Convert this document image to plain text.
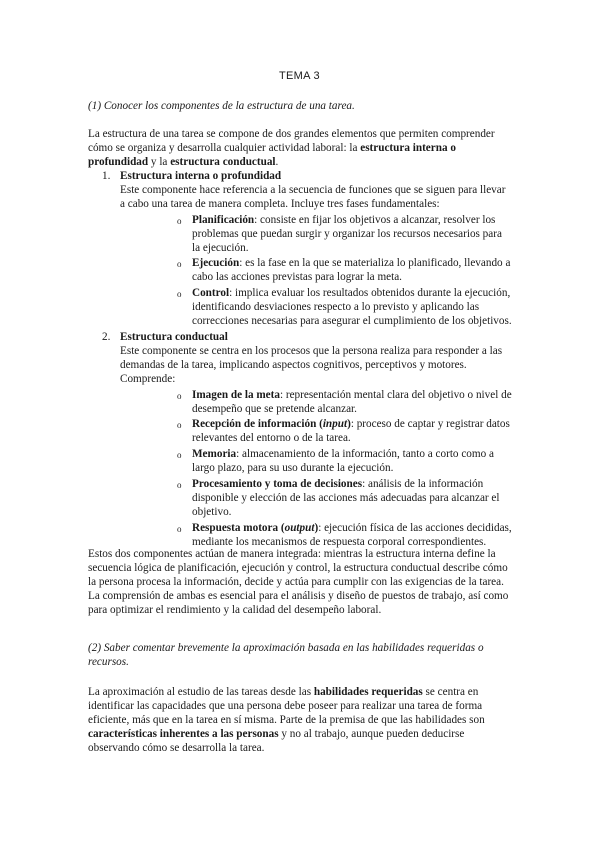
TEMA 3

(1) Conocer los componentes de la estructura de una tarea.

La estructura de una tarea se compone de dos grandes elementos que permiten comprender cómo se organiza y desarrolla cualquier actividad laboral: la estructura interna o profundidad y la estructura conductual.

1. Estructura interna o profundidad

Este componente hace referencia a la secuencia de funciones que se siguen para llevar a cabo una tarea de manera completa. Incluye tres fases fundamentales:

o Planificación: consiste en fijar los objetivos a alcanzar, resolver los problemas que puedan surgir y organizar los recursos necesarios para la ejecución.
o Ejecución: es la fase en la que se materializa lo planificado, llevando a cabo las acciones previstas para lograr la meta.
o Control: implica evaluar los resultados obtenidos durante la ejecución, identificando desviaciones respecto a lo previsto y aplicando las correcciones necesarias para asegurar el cumplimiento de los objetivos.
2. Estructura conductual

Este componente se centra en los procesos que la persona realiza para responder a las demandas de la tarea, implicando aspectos cognitivos, perceptivos y motores. Comprende:

o Imagen de la meta: representación mental clara del objetivo o nivel de desempeño que se pretende alcanzar.
o Recepción de información (input): proceso de captar y registrar datos relevantes del entorno o de la tarea.
o Memoria: almacenamiento de la información, tanto a corto como a largo plazo, para su uso durante la ejecución.
o Procesamiento y toma de decisiones: análisis de la información disponible y elección de las acciones más adecuadas para alcanzar el objetivo.
o Respuesta motora (output): ejecución física de las acciones decididas, mediante los mecanismos de respuesta corporal correspondientes.

Estos dos componentes actúan de manera integrada: mientras la estructura interna define la secuencia lógica de planificación, ejecución y control, la estructura conductual describe cómo la persona procesa la información, decide y actúa para cumplir con las exigencias de la tarea. La comprensión de ambas es esencial para el análisis y diseño de puestos de trabajo, así como para optimizar el rendimiento y la calidad del desempeño laboral.

(2) Saber comentar brevemente la aproximación basada en las habilidades requeridas o recursos.

La aproximación al estudio de las tareas desde las habilidades requeridas se centra en identificar las capacidades que una persona debe poseer para realizar una tarea de forma eficiente, más que en la tarea en sí misma. Parte de la premisa de que las habilidades son características inherentes a las personas y no al trabajo, aunque pueden deducirse observando cómo se desarrolla la tarea.
